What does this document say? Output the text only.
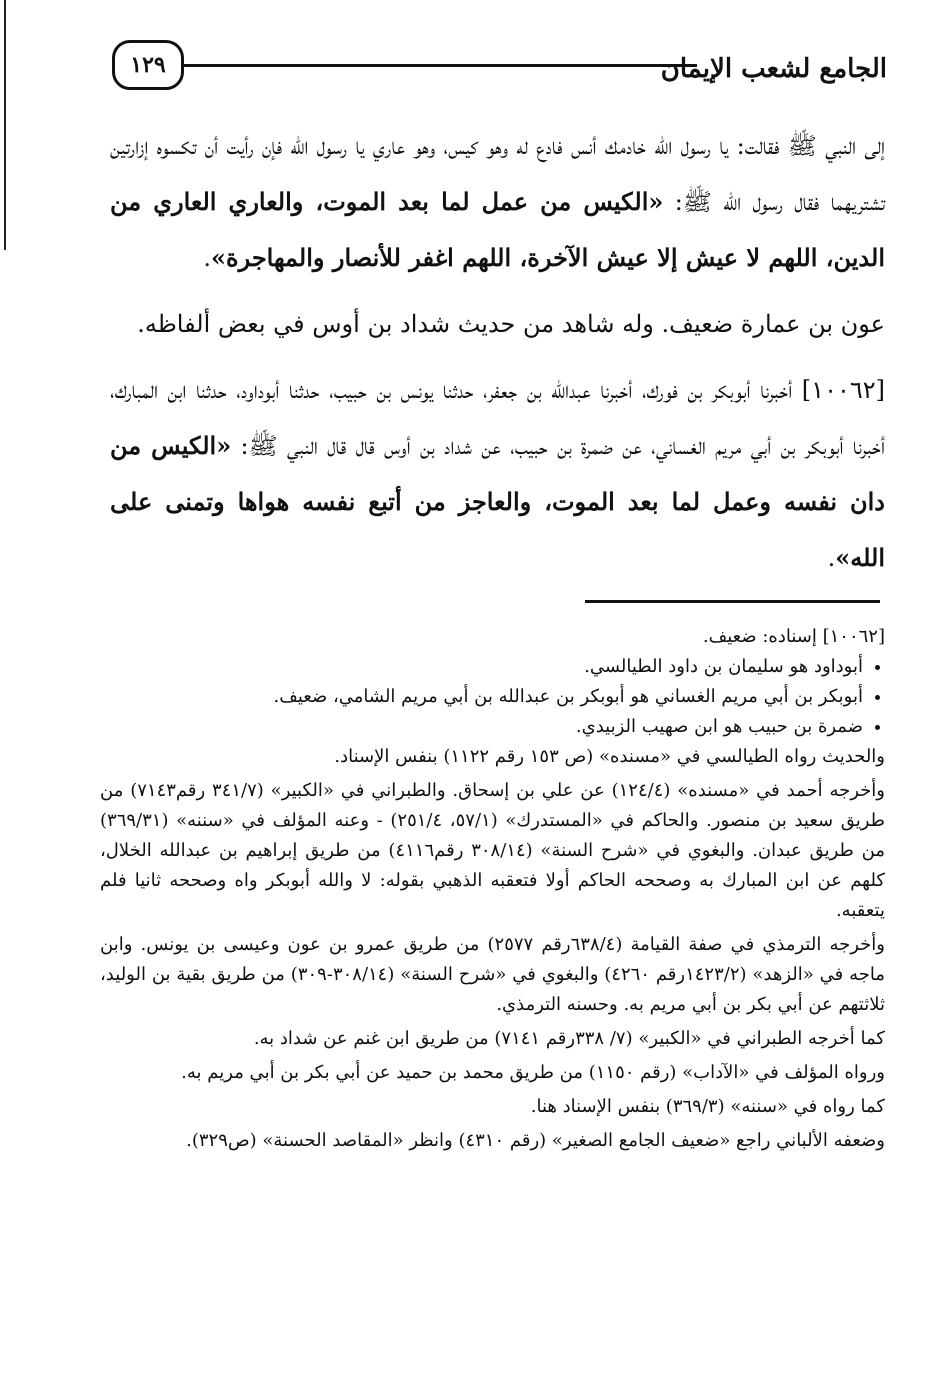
١٢٩	الجامع لشعب الإيمان

إلى النبي ﷺ فقالت: يا رسول الله خادمك أنس فادع له وهو كيس، وهو عاري يا رسول الله فإن رأيت أن تكسوه إزارتين تشتريهما فقال رسول الله ﷺ: «الكيس من عمل لما بعد الموت، والعاري العاري من الدين، اللهم لا عيش إلا عيش الآخرة، اللهم اغفر للأنصار والمهاجرة».

عون بن عمارة ضعيف. وله شاهد من حديث شداد بن أوس في بعض ألفاظه.

[١٠٠٦٢] أخبرنا أبوبكر بن فورك، أخبرنا عبدالله بن جعفر، حدثنا يونس بن حبيب، حدثنا أبوداود، حدثنا ابن المبارك، أخبرنا أبوبكر بن أبي مريم الغساني، عن ضمرة بن حبيب، عن شداد بن أوس قال قال النبي ﷺ: «الكيس من دان نفسه وعمل لما بعد الموت، والعاجز من أتبع نفسه هواها وتمنى على الله».

[١٠٠٦٢] إسناده: ضعيف.

• أبوداود هو سليمان بن داود الطيالسي.
• أبوبكر بن أبي مريم الغساني هو أبوبكر بن عبدالله بن أبي مريم الشامي، ضعيف.
• ضمرة بن حبيب هو ابن صهيب الزبيدي.

والحديث رواه الطيالسي في «مسنده» (ص ١٥٣ رقم ١١٢٢) بنفس الإسناد.

وأخرجه أحمد في «مسنده» (١٢٤/٤) عن علي بن إسحاق. والطبراني في «الكبير» (٣٤١/٧ رقم٧١٤٣) من طريق سعيد بن منصور. والحاكم في «المستدرك» (٥٧/١، ٢٥١/٤) - وعنه المؤلف في «سننه» (٣٦٩/٣١) من طريق عبدان. والبغوي في «شرح السنة» (٣٠٨/١٤ رقم٤١١٦) من طريق إبراهيم بن عبدالله الخلال، كلهم عن ابن المبارك به وصححه الحاكم أولا فتعقبه الذهبي بقوله: لا والله أبوبكر واه وصححه ثانيا فلم يتعقبه.

وأخرجه الترمذي في صفة القيامة (٦٣٨/٤رقم ٢٥٧٧) من طريق عمرو بن عون وعيسى بن يونس. وابن ماجه في «الزهد» (١٤٢٣/٢رقم ٤٢٦٠) والبغوي في «شرح السنة» (٣٠٨/١٤-٣٠٩) من طريق بقية بن الوليد، ثلاثتهم عن أبي بكر بن أبي مريم به. وحسنه الترمذي.

كما أخرجه الطبراني في «الكبير» (٧/ ٣٣٨رقم ٧١٤١) من طريق ابن غنم عن شداد به.

ورواه المؤلف في «الآداب» (رقم ١١٥٠) من طريق محمد بن حميد عن أبي بكر بن أبي مريم به.

كما رواه في «سننه» (٣٦٩/٣) بنفس الإسناد هنا.

وضعفه الألباني راجع «ضعيف الجامع الصغير» (رقم ٤٣١٠) وانظر «المقاصد الحسنة» (ص٣٢٩).
